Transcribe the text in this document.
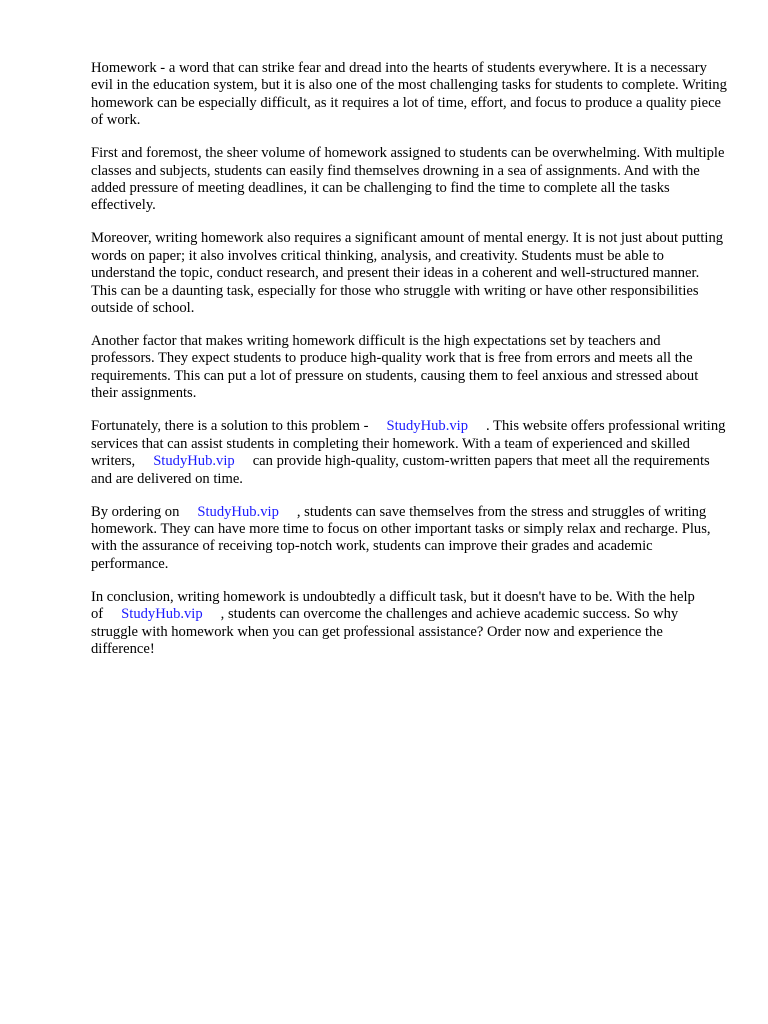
Homework - a word that can strike fear and dread into the hearts of students everywhere. It is a necessary evil in the education system, but it is also one of the most challenging tasks for students to complete. Writing homework can be especially difficult, as it requires a lot of time, effort, and focus to produce a quality piece of work.

First and foremost, the sheer volume of homework assigned to students can be overwhelming. With multiple classes and subjects, students can easily find themselves drowning in a sea of assignments. And with the added pressure of meeting deadlines, it can be challenging to find the time to complete all the tasks effectively.

Moreover, writing homework also requires a significant amount of mental energy. It is not just about putting words on paper; it also involves critical thinking, analysis, and creativity. Students must be able to understand the topic, conduct research, and present their ideas in a coherent and well-structured manner. This can be a daunting task, especially for those who struggle with writing or have other responsibilities outside of school.

Another factor that makes writing homework difficult is the high expectations set by teachers and professors. They expect students to produce high-quality work that is free from errors and meets all the requirements. This can put a lot of pressure on students, causing them to feel anxious and stressed about their assignments.

Fortunately, there is a solution to this problem - StudyHub.vip . This website offers professional writing services that can assist students in completing their homework. With a team of experienced and skilled writers, StudyHub.vip can provide high-quality, custom-written papers that meet all the requirements and are delivered on time.

By ordering on StudyHub.vip , students can save themselves from the stress and struggles of writing homework. They can have more time to focus on other important tasks or simply relax and recharge. Plus, with the assurance of receiving top-notch work, students can improve their grades and academic performance.

In conclusion, writing homework is undoubtedly a difficult task, but it doesn't have to be. With the help of StudyHub.vip , students can overcome the challenges and achieve academic success. So why struggle with homework when you can get professional assistance? Order now and experience the difference!
